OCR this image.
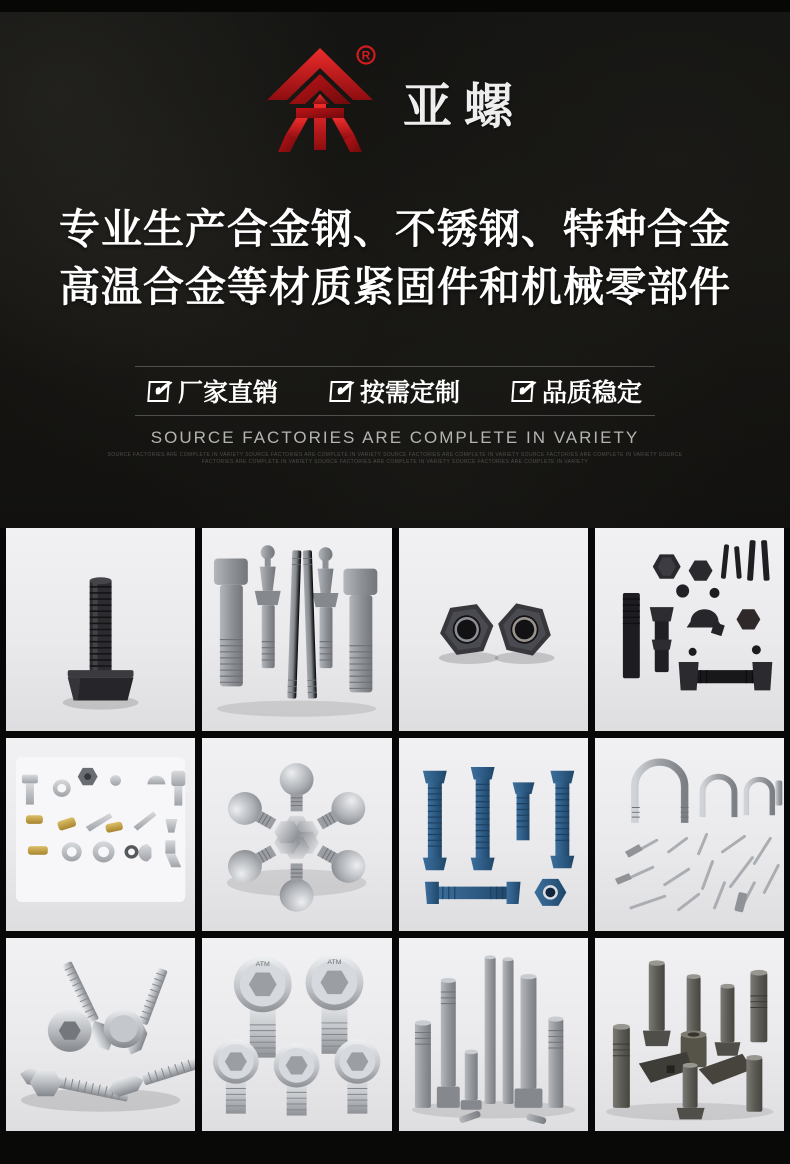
R
亚螺
专业生产合金钢、不锈钢、特种合金
高温合金等材质紧固件和机械零部件
✔ 厂家直销	✔ 按需定制	✔ 品质稳定
SOURCE FACTORIES ARE COMPLETE IN VARIETY
SOURCE FACTORIES ARE COMPLETE IN VARIETY SOURCE FACTORIES ARE COMPLETE IN VARIETY SOURCE FACTORIES ARE COMPLETE IN VARIETY SOURCE FACTORIES ARE COMPLETE IN VARIETY SOURCE
FACTORIES ARE COMPLETE IN VARIETY SOURCE FACTORIES ARE COMPLETE IN VARIETY SOURCE FACTORIES ARE COMPLETE IN VARIETY
ATM	ATM
